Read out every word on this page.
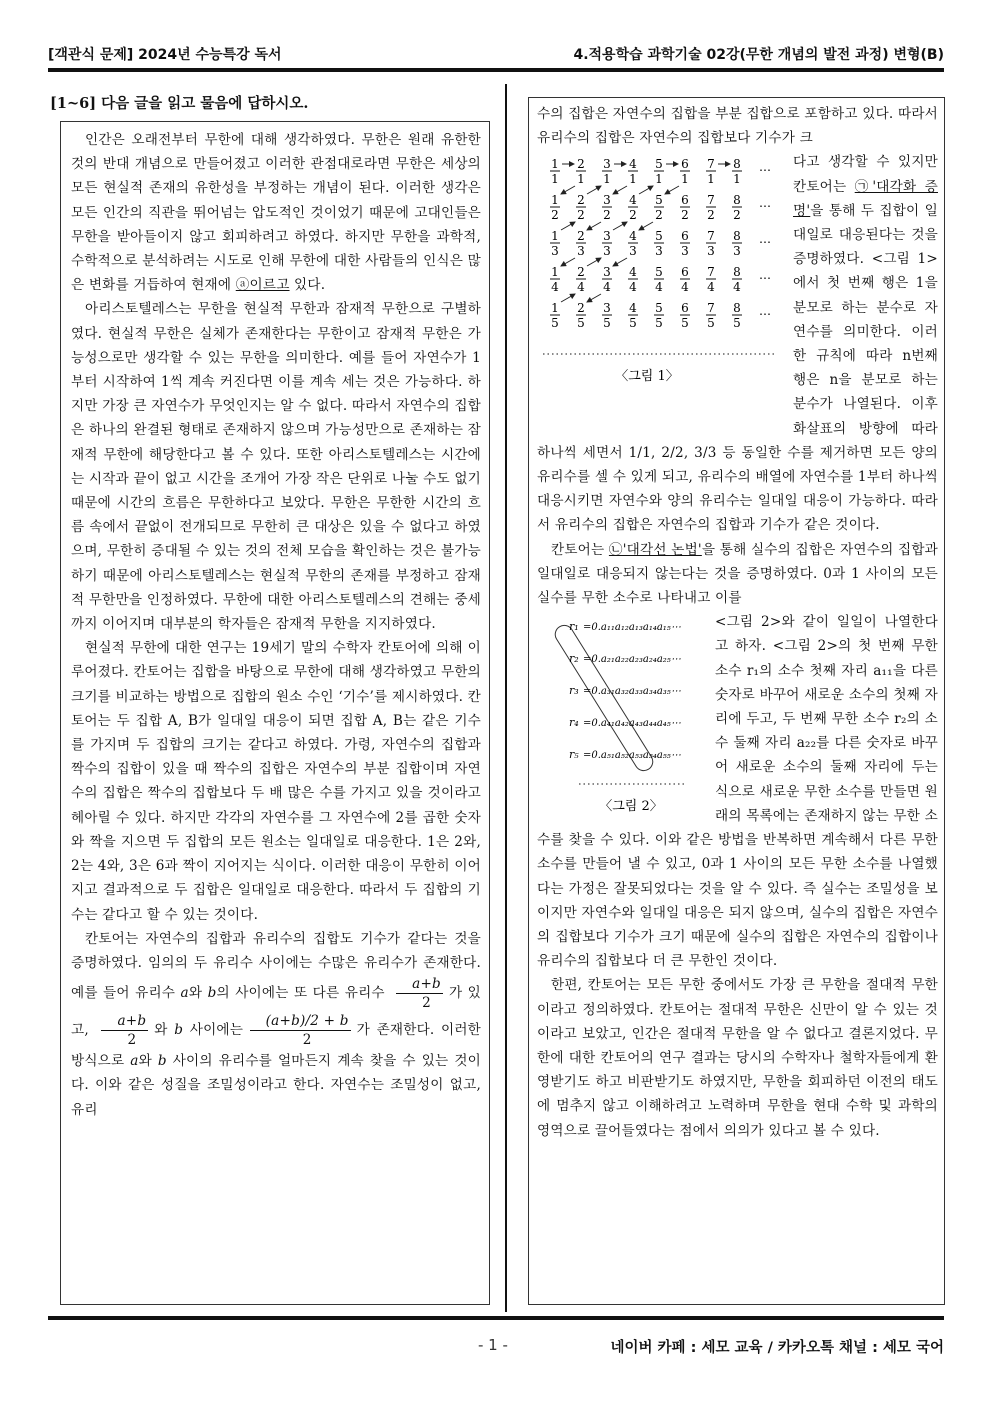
[객관식 문제] 2024년 수능특강 독서	4.적용학습 과학기술 02강(무한 개념의 발전 과정) 변형(B)
[1~6] 다음 글을 읽고 물음에 답하시오.

인간은 오래전부터 무한에 대해 생각하였다. 무한은 원래 유한한 것의 반대 개념으로 만들어졌고 이러한 관점대로라면 무한은 세상의 모든 현실적 존재의 유한성을 부정하는 개념이 된다. 이러한 생각은 모든 인간의 직관을 뛰어넘는 압도적인 것이었기 때문에 고대인들은 무한을 받아들이지 않고 회피하려고 하였다. 하지만 무한을 과학적, 수학적으로 분석하려는 시도로 인해 무한에 대한 사람들의 인식은 많은 변화를 거듭하여 현재에 ⓐ이르고 있다.

아리스토텔레스는 무한을 현실적 무한과 잠재적 무한으로 구별하였다. 현실적 무한은 실체가 존재한다는 무한이고 잠재적 무한은 가능성으로만 생각할 수 있는 무한을 의미한다. 예를 들어 자연수가 1부터 시작하여 1씩 계속 커진다면 이를 계속 세는 것은 가능하다. 하지만 가장 큰 자연수가 무엇인지는 알 수 없다. 따라서 자연수의 집합은 하나의 완결된 형태로 존재하지 않으며 가능성만으로 존재하는 잠재적 무한에 해당한다고 볼 수 있다. 또한 아리스토텔레스는 시간에는 시작과 끝이 없고 시간을 조개어 가장 작은 단위로 나눌 수도 없기 때문에 시간의 흐름은 무한하다고 보았다. 무한은 무한한 시간의 흐름 속에서 끝없이 전개되므로 무한히 큰 대상은 있을 수 없다고 하였으며, 무한히 증대될 수 있는 것의 전체 모습을 확인하는 것은 불가능하기 때문에 아리스토텔레스는 현실적 무한의 존재를 부정하고 잠재적 무한만을 인정하였다. 무한에 대한 아리스토텔레스의 견해는 중세까지 이어지며 대부분의 학자들은 잠재적 무한을 지지하였다.

현실적 무한에 대한 연구는 19세기 말의 수학자 칸토어에 의해 이루어졌다. 칸토어는 집합을 바탕으로 무한에 대해 생각하였고 무한의 크기를 비교하는 방법으로 집합의 원소 수인 ‘기수’를 제시하였다. 칸토어는 두 집합 A, B가 일대일 대응이 되면 집합 A, B는 같은 기수를 가지며 두 집합의 크기는 같다고 하였다. 가령, 자연수의 집합과 짝수의 집합이 있을 때 짝수의 집합은 자연수의 부분 집합이며 자연수의 집합은 짝수의 집합보다 두 배 많은 수를 가지고 있을 것이라고 헤아릴 수 있다. 하지만 각각의 자연수를 그 자연수에 2를 곱한 숫자와 짝을 지으면 두 집합의 모든 원소는 일대일로 대응한다. 1은 2와, 2는 4와, 3은 6과 짝이 지어지는 식이다. 이러한 대응이 무한히 이어지고 결과적으로 두 집합은 일대일로 대응한다. 따라서 두 집합의 기수는 같다고 할 수 있는 것이다.

칸토어는 자연수의 집합과 유리수의 집합도 기수가 같다는 것을 증명하였다. 임의의 두 유리수 사이에는 수많은 유리수가 존재한다. 예를 들어 유리수 a와 b의 사이에는 또 다른 유리수 $\frac{a+b}{2}$ 가 있고, $\frac{a+b}{2}$ 와 b 사이에는 $\frac{(a+b)/2 + b}{2}$ 가 존재한다. 이러한 방식으로 a와 b 사이의 유리수를 얼마든지 계속 찾을 수 있는 것이다. 이와 같은 성질을 조밀성이라고 한다. 자연수는 조밀성이 없고, 유리

수의 집합은 자연수의 집합을 부분 집합으로 포함하고 있다. 따라서 유리수의 집합은 자연수의 집합보다 기수가 크

1
1
2
1
3
1
4
1
5
1
6
1
7
1
8
1
⋯
1
2
2
2
3
2
4
2
5
2
6
2
7
2
8
2
⋯
1
3
2
3
3
3
4
3
5
3
6
3
7
3
8
3
⋯
1
4
2
4
3
4
4
4
5
4
6
4
7
4
8
4
⋯
1
5
2
5
3
5
4
5
5
5
6
5
7
5
8
5
⋯
〈그림 1〉

다고 생각할 수 있지만 칸토어는 ㉠'대각화 증명'을 통해 두 집합이 일대일로 대응된다는 것을 증명하였다. <그림 1>에서 첫 번째 행은 1을 분모로 하는 분수로 자연수를 의미한다. 이러한 규칙에 따라 n번째 행은 n을 분모로 하는 분수가 나열된다. 이후 화살표의 방향에 따라 하나씩 세면서 1/1, 2/2, 3/3 등 동일한 수를 제거하면 모든 양의 유리수를 셀 수 있게 되고, 유리수의 배열에 자연수를 1부터 하나씩 대응시키면 자연수와 양의 유리수는 일대일 대응이 가능하다. 따라서 유리수의 집합은 자연수의 집합과 기수가 같은 것이다.

칸토어는 ㉡'대각선 논법'을 통해 실수의 집합은 자연수의 집합과 일대일로 대응되지 않는다는 것을 증명하였다. 0과 1 사이의 모든 실수를 무한 소수로 나타내고 이를

r₁ =0.a₁₁a₁₂a₁₃a₁₄a₁₅⋯
r₂ =0.a₂₁a₂₂a₂₃a₂₄a₂₅⋯
r₃ =0.a₃₁a₃₂a₃₃a₃₄a₃₅⋯
r₄ =0.a₄₁a₄₂a₄₃a₄₄a₄₅⋯
r₅ =0.a₅₁a₅₂a₅₃a₅₄a₅₅⋯
〈그림 2〉

<그림 2>와 같이 일일이 나열한다고 하자. <그림 2>의 첫 번째 무한 소수 r₁의 소수 첫째 자리 a₁₁을 다른 숫자로 바꾸어 새로운 소수의 첫째 자리에 두고, 두 번째 무한 소수 r₂의 소수 둘째 자리 a₂₂를 다른 숫자로 바꾸어 새로운 소수의 둘째 자리에 두는 식으로 새로운 무한 소수를 만들면 원래의 목록에는 존재하지 않는 무한 소수를 찾을 수 있다. 이와 같은 방법을 반복하면 계속해서 다른 무한 소수를 만들어 낼 수 있고, 0과 1 사이의 모든 무한 소수를 나열했다는 가정은 잘못되었다는 것을 알 수 있다. 즉 실수는 조밀성을 보이지만 자연수와 일대일 대응은 되지 않으며, 실수의 집합은 자연수의 집합보다 기수가 크기 때문에 실수의 집합은 자연수의 집합이나 유리수의 집합보다 더 큰 무한인 것이다.

한편, 칸토어는 모든 무한 중에서도 가장 큰 무한을 절대적 무한이라고 정의하였다. 칸토어는 절대적 무한은 신만이 알 수 있는 것이라고 보았고, 인간은 절대적 무한을 알 수 없다고 결론지었다. 무한에 대한 칸토어의 연구 결과는 당시의 수학자나 철학자들에게 환영받기도 하고 비판받기도 하였지만, 무한을 회피하던 이전의 태도에 멈추지 않고 이해하려고 노력하며 무한을 현대 수학 및 과학의 영역으로 끌어들였다는 점에서 의의가 있다고 볼 수 있다.

- 1 -	네이버 카페 : 세모 교육 / 카카오톡 채널 : 세모 국어
